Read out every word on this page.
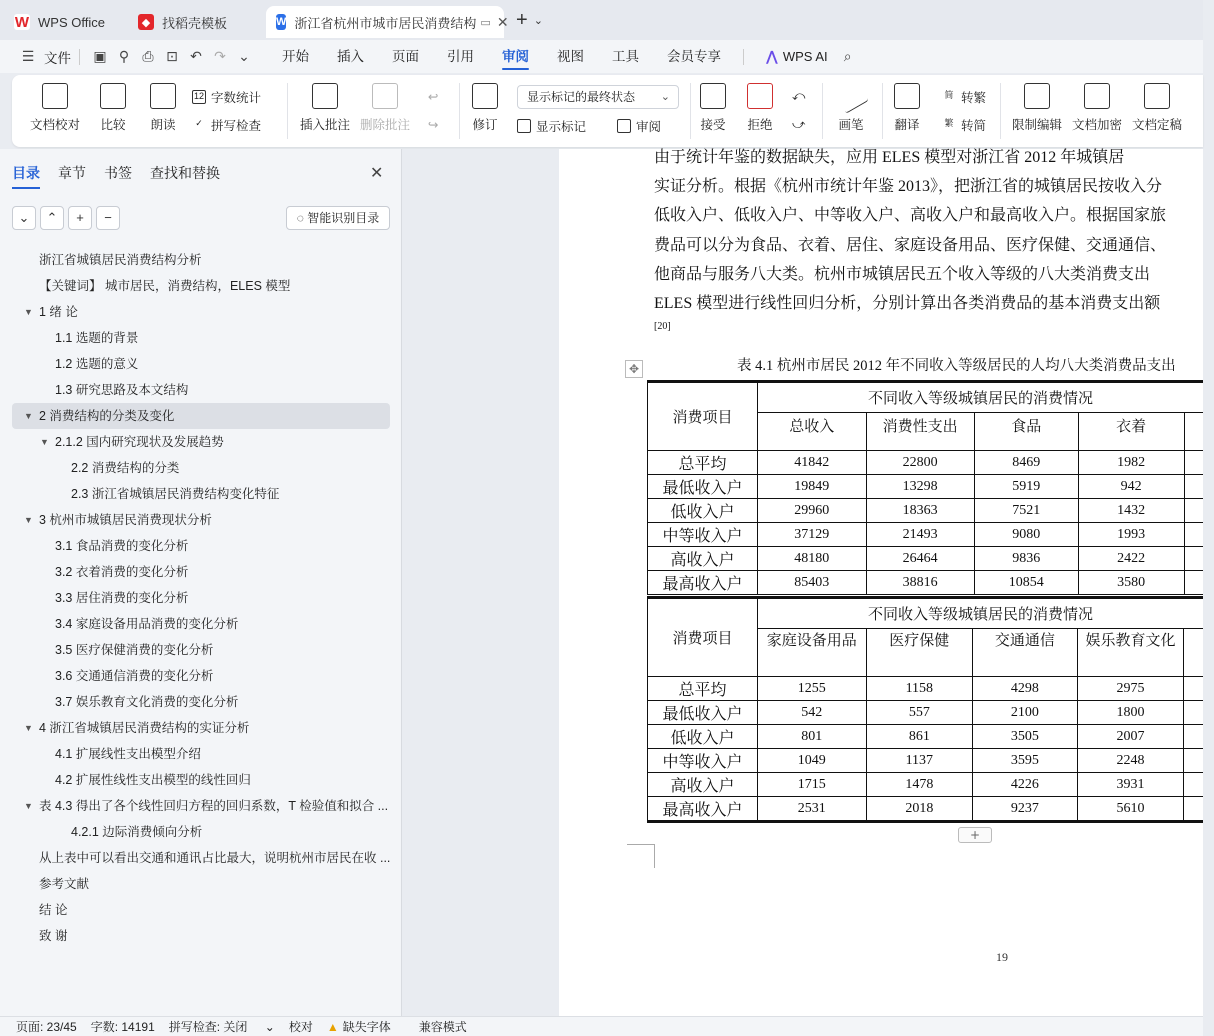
W WPS Office	◆ 找稻壳模板	W 浙江省杭州市城市居民消费结构 ▭ ✕ + ⌄
☰ 文件	▣ ⚲ ⎙ ⊡ ↶ ↷ ⌄	开始	插入	页面	引用	审阅	视图	工具	会员专享	⋀ WPS AI	⌕
文档校对 比较 朗读
12 字数统计
✓ 拼写检查	插入批注 删除批注
↩
↪	修订
显示标记的最终状态 ⌄
显示标记	审阅	接受 拒绝
⤺
⤻	画笔 翻译
简 转繁
繁 转简 限制编辑 文档加密 文档定稿
目录 章节 书签 查找和替换	✕
⌄	⌃	+	−	◌ 智能识别目录
浙江省城镇居民消费结构分析
【关键词】 城市居民，消费结构，ELES 模型
▼ 1 绪 论
1.1 选题的背景
1.2 选题的意义
1.3 研究思路及本文结构
▼ 2 消费结构的分类及变化
▼ 2.1.2 国内研究现状及发展趋势
2.2 消费结构的分类
2.3 浙江省城镇居民消费结构变化特征
▼ 3 杭州市城镇居民消费现状分析
3.1 食品消费的变化分析
3.2 衣着消费的变化分析
3.3 居住消费的变化分析
3.4 家庭设备用品消费的变化分析
3.5 医疗保健消费的变化分析
3.6 交通通信消费的变化分析
3.7 娱乐教育文化消费的变化分析
▼ 4 浙江省城镇居民消费结构的实证分析
4.1 扩展线性支出模型介绍
4.2 扩展性线性支出模型的线性回归
▼ 表 4.3 得出了各个线性回归方程的回归系数，T 检验值和拟合 ...
4.2.1 边际消费倾向分析
从上表中可以看出交通和通讯占比最大，说明杭州市居民在收 ...
参考文献
结 论
致 谢
由于统计年鉴的数据缺失，应用 ELES 模型对浙江省 2012 年城镇居
实证分析。根据《杭州市统计年鉴 2013》，把浙江省的城镇居民按收入分
低收入户、低收入户、中等收入户、高收入户和最高收入户。根据国家旅
费品可以分为食品、衣着、居住、家庭设备用品、医疗保健、交通通信、
他商品与服务八大类。杭州市城镇居民五个收入等级的八大类消费支出
ELES 模型进行线性回归分析，分别计算出各类消费品的基本消费支出额
[20]
✥	表 4.1 杭州市居民 2012 年不同收入等级居民的人均八大类消费品支出
消费项目	不同收入等级城镇居民的消费情况				
	总收入	消费性支出	食品	衣着	
总平均	41842	22800	8469	1982	
最低收入户	19849	13298	5919	942	
低收入户	29960	18363	7521	1432	
中等收入户	37129	21493	9080	1993	
高收入户	48180	26464	9836	2422	
最高收入户	85403	38816	10854	3580	
消费项目	不同收入等级城镇居民的消费情况				
	家庭设备用品	医疗保健	交通通信	娱乐教育文化	
总平均	1255	1158	4298	2975	
最低收入户	542	557	2100	1800	
低收入户	801	861	3505	2007	
中等收入户	1049	1137	3595	2248	
高收入户	1715	1478	4226	3931	
最高收入户	2531	2018	9237	5610	
+
19
页面: 23/45 字数: 14191 拼写检查: 关闭 ⌄ 校对 ▲ 缺失字体	兼容模式
